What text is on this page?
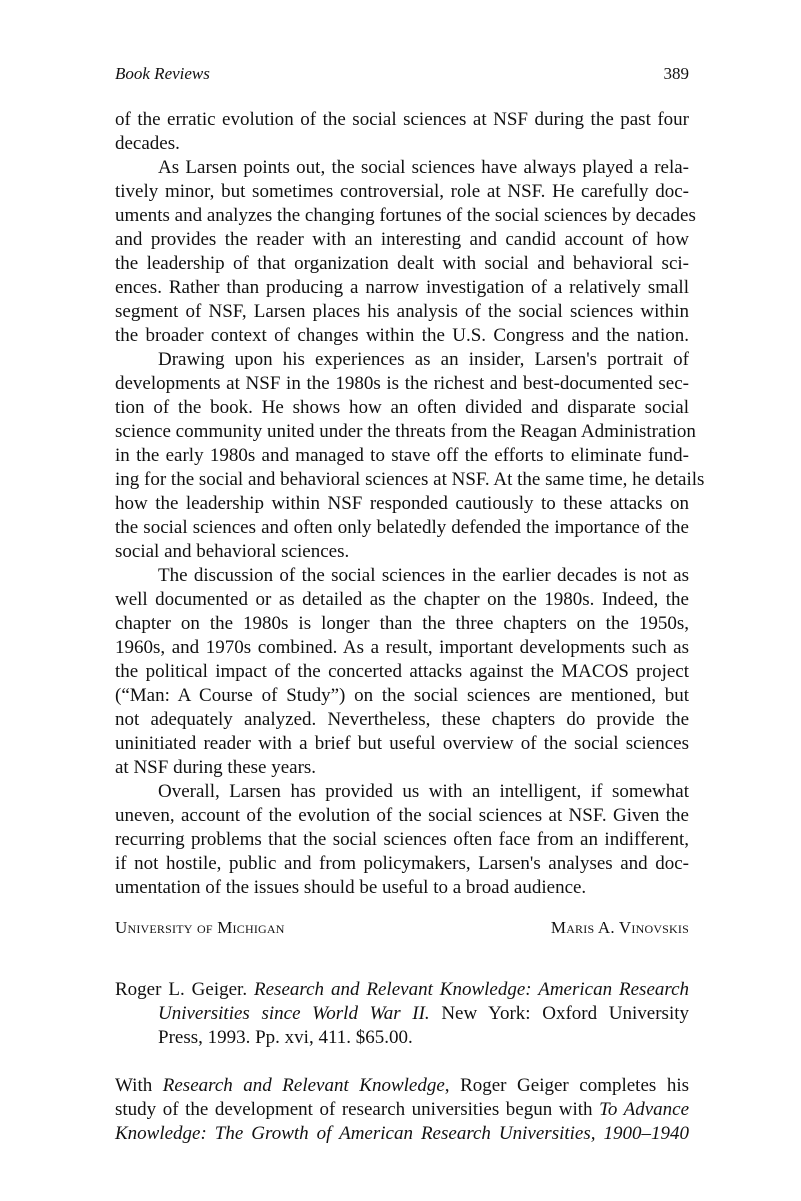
Book Reviews	389
of the erratic evolution of the social sciences at NSF during the past four
decades.
As Larsen points out, the social sciences have always played a rela-
tively minor, but sometimes controversial, role at NSF. He carefully doc-
uments and analyzes the changing fortunes of the social sciences by decades
and provides the reader with an interesting and candid account of how
the leadership of that organization dealt with social and behavioral sci-
ences. Rather than producing a narrow investigation of a relatively small
segment of NSF, Larsen places his analysis of the social sciences within
the broader context of changes within the U.S. Congress and the nation.
Drawing upon his experiences as an insider, Larsen's portrait of
developments at NSF in the 1980s is the richest and best-documented sec-
tion of the book. He shows how an often divided and disparate social
science community united under the threats from the Reagan Administration
in the early 1980s and managed to stave off the efforts to eliminate fund-
ing for the social and behavioral sciences at NSF. At the same time, he details
how the leadership within NSF responded cautiously to these attacks on
the social sciences and often only belatedly defended the importance of the
social and behavioral sciences.
The discussion of the social sciences in the earlier decades is not as
well documented or as detailed as the chapter on the 1980s. Indeed, the
chapter on the 1980s is longer than the three chapters on the 1950s,
1960s, and 1970s combined. As a result, important developments such as
the political impact of the concerted attacks against the MACOS project
(“Man: A Course of Study”) on the social sciences are mentioned, but
not adequately analyzed. Nevertheless, these chapters do provide the
uninitiated reader with a brief but useful overview of the social sciences
at NSF during these years.
Overall, Larsen has provided us with an intelligent, if somewhat
uneven, account of the evolution of the social sciences at NSF. Given the
recurring problems that the social sciences often face from an indifferent,
if not hostile, public and from policymakers, Larsen's analyses and doc-
umentation of the issues should be useful to a broad audience.
University of Michigan	Maris A. Vinovskis
Roger L. Geiger. Research and Relevant Knowledge: American Research
Universities since World War II. New York: Oxford University
Press, 1993. Pp. xvi, 411. $65.00.
With Research and Relevant Knowledge, Roger Geiger completes his
study of the development of research universities begun with To Advance
Knowledge: The Growth of American Research Universities, 1900–1940
